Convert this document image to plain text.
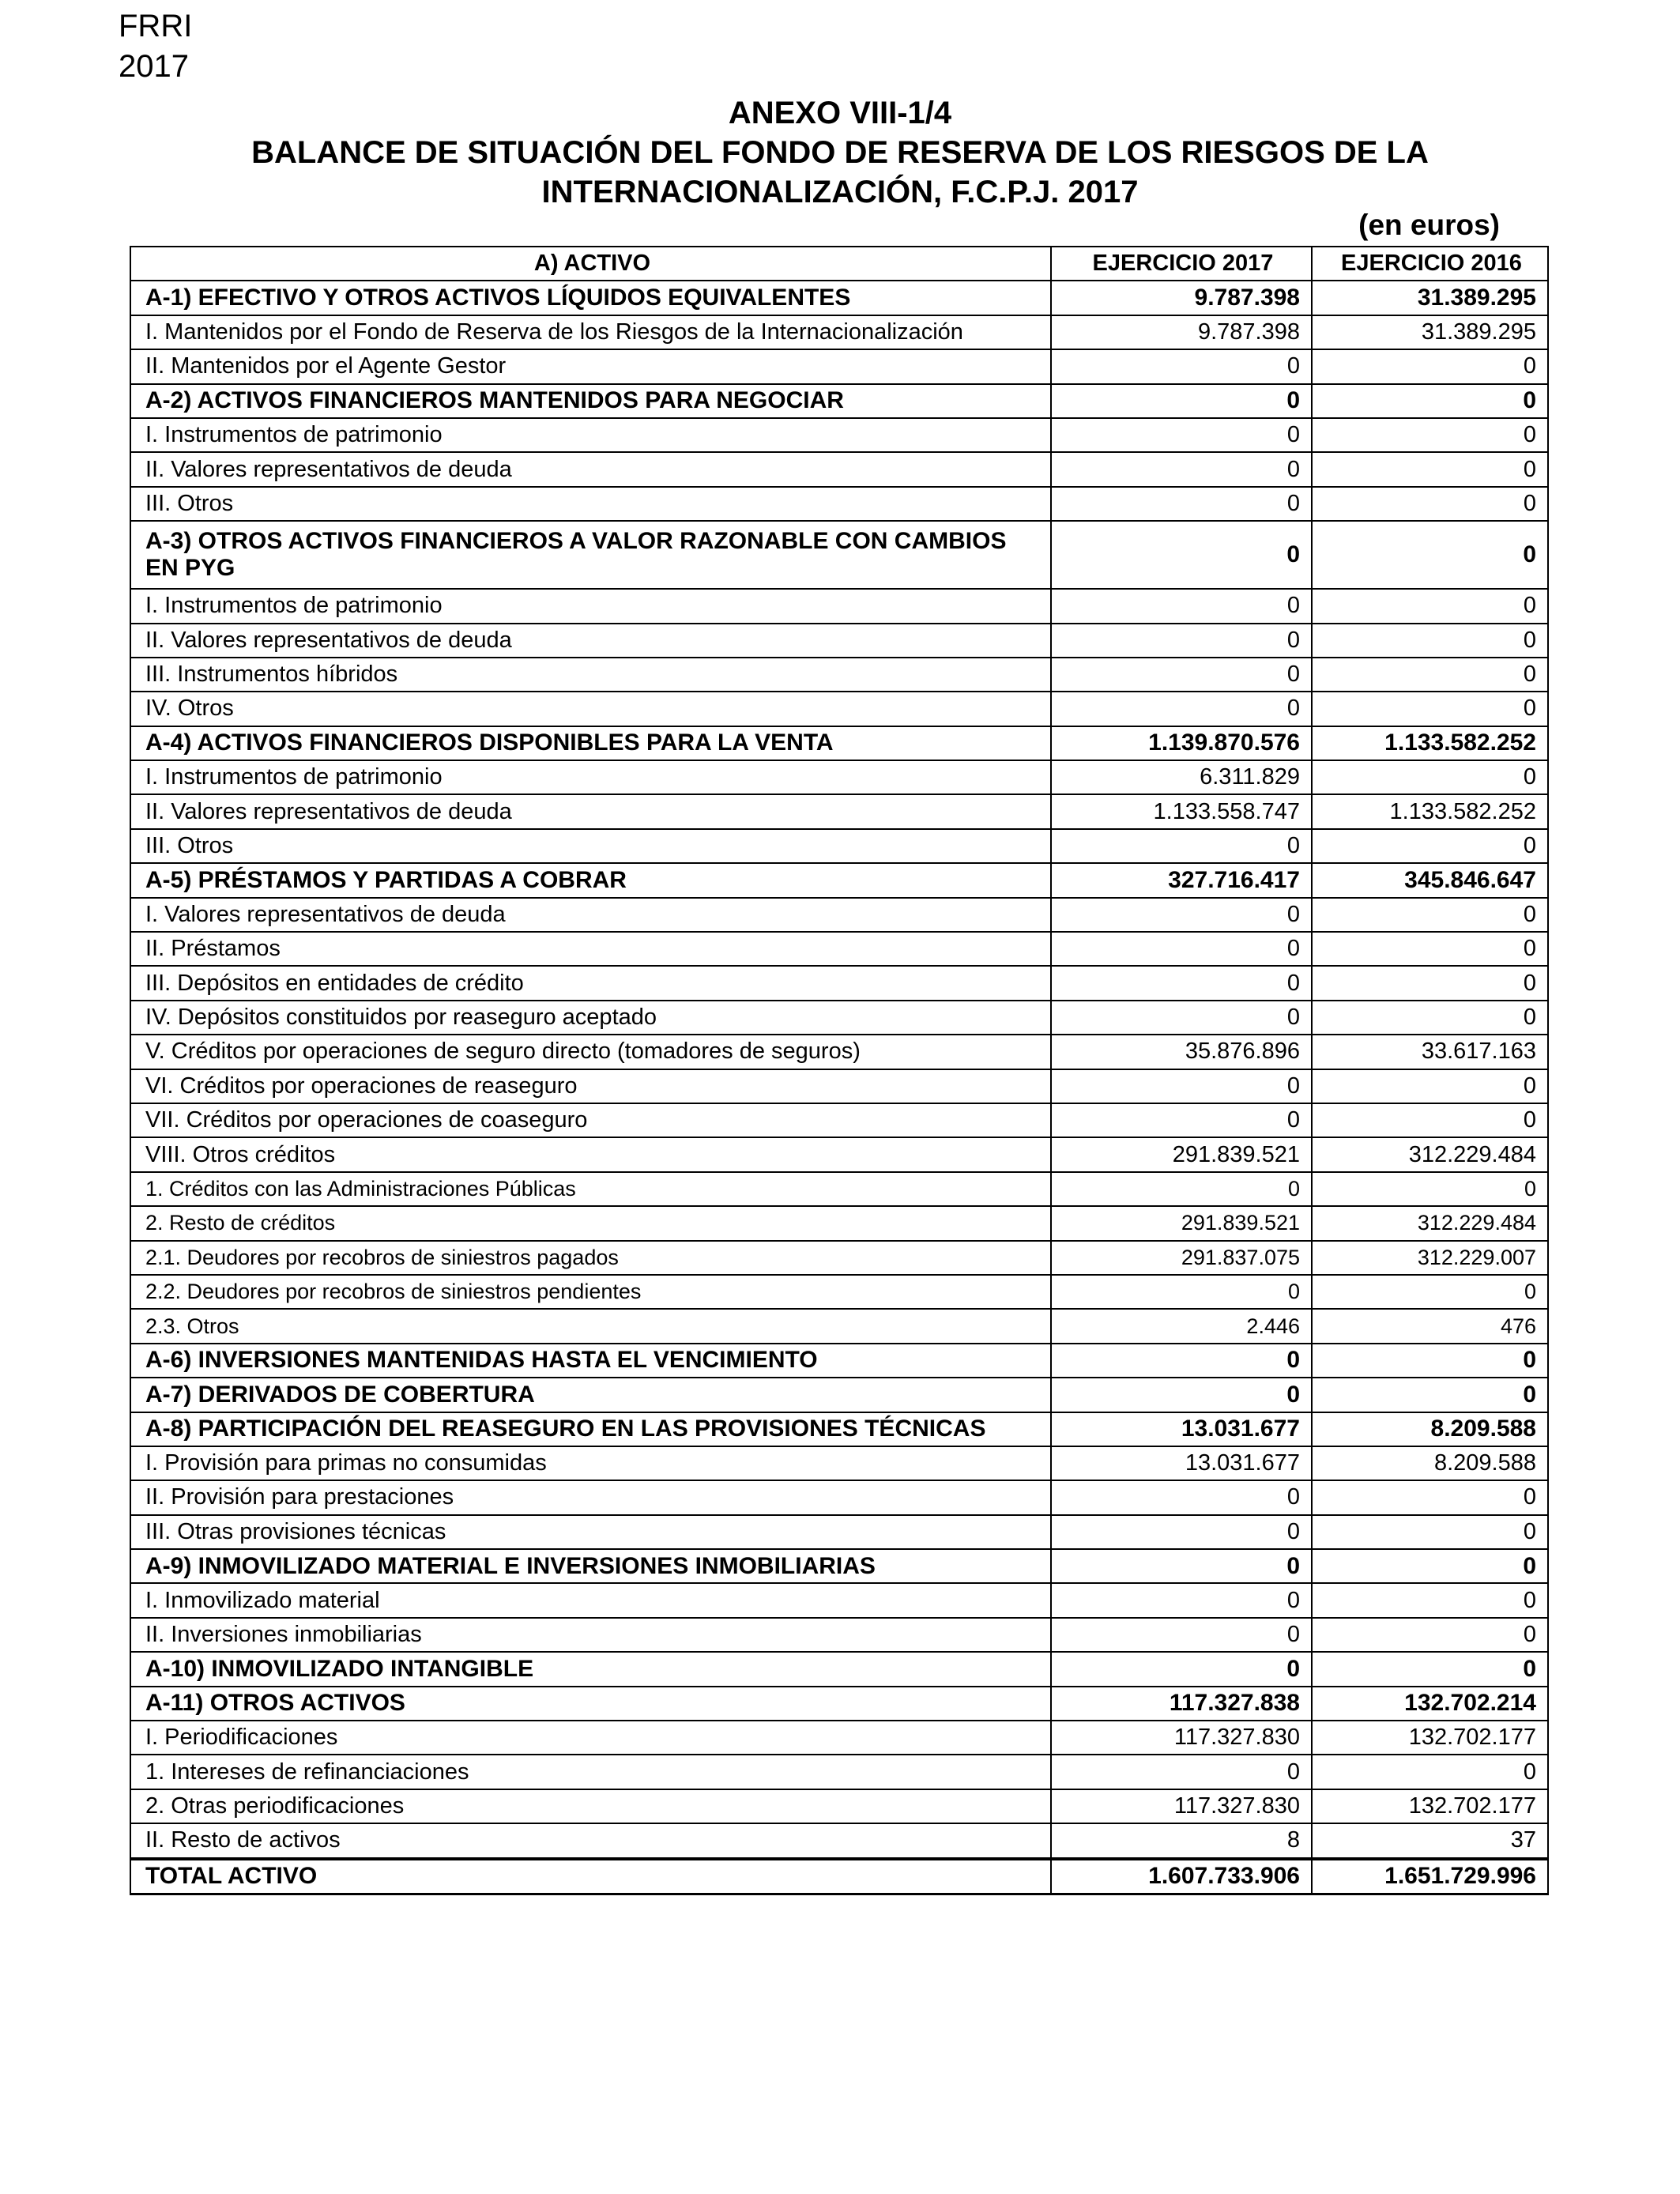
FRRI
2017
ANEXO VIII-1/4
BALANCE DE SITUACIÓN DEL FONDO DE RESERVA DE LOS RIESGOS DE LA
INTERNACIONALIZACIÓN, F.C.P.J. 2017
(en euros)
A) ACTIVO	EJERCICIO 2017	EJERCICIO 2016
A-1) EFECTIVO Y OTROS ACTIVOS LÍQUIDOS EQUIVALENTES	9.787.398	31.389.295
I. Mantenidos por el Fondo de Reserva de los Riesgos de la Internacionalización	9.787.398	31.389.295
II. Mantenidos por el Agente Gestor	0	0
A-2) ACTIVOS FINANCIEROS MANTENIDOS PARA NEGOCIAR	0	0
I. Instrumentos de patrimonio	0	0
II. Valores representativos de deuda	0	0
III. Otros	0	0
A-3) OTROS ACTIVOS FINANCIEROS A VALOR RAZONABLE CON CAMBIOS EN PYG	0	0
I. Instrumentos de patrimonio	0	0
II. Valores representativos de deuda	0	0
III. Instrumentos híbridos	0	0
IV. Otros	0	0
A-4) ACTIVOS FINANCIEROS DISPONIBLES PARA LA VENTA	1.139.870.576	1.133.582.252
I. Instrumentos de patrimonio	6.311.829	0
II. Valores representativos de deuda	1.133.558.747	1.133.582.252
III. Otros	0	0
A-5) PRÉSTAMOS Y PARTIDAS A COBRAR	327.716.417	345.846.647
I. Valores representativos de deuda	0	0
II. Préstamos	0	0
III. Depósitos en entidades de crédito	0	0
IV. Depósitos constituidos por reaseguro aceptado	0	0
V. Créditos por operaciones de seguro directo (tomadores de seguros)	35.876.896	33.617.163
VI. Créditos por operaciones de reaseguro	0	0
VII. Créditos por operaciones de coaseguro	0	0
VIII. Otros créditos	291.839.521	312.229.484
1. Créditos con las Administraciones Públicas	0	0
2. Resto de créditos	291.839.521	312.229.484
2.1. Deudores por recobros de siniestros pagados	291.837.075	312.229.007
2.2. Deudores por recobros de siniestros pendientes	0	0
2.3. Otros	2.446	476
A-6) INVERSIONES MANTENIDAS HASTA EL VENCIMIENTO	0	0
A-7) DERIVADOS DE COBERTURA	0	0
A-8) PARTICIPACIÓN DEL REASEGURO EN LAS PROVISIONES TÉCNICAS	13.031.677	8.209.588
I. Provisión para primas no consumidas	13.031.677	8.209.588
II. Provisión para prestaciones	0	0
III. Otras provisiones técnicas	0	0
A-9) INMOVILIZADO MATERIAL E INVERSIONES INMOBILIARIAS	0	0
I. Inmovilizado material	0	0
II. Inversiones inmobiliarias	0	0
A-10) INMOVILIZADO INTANGIBLE	0	0
A-11) OTROS ACTIVOS	117.327.838	132.702.214
I. Periodificaciones	117.327.830	132.702.177
1. Intereses de refinanciaciones	0	0
2. Otras periodificaciones	117.327.830	132.702.177
II. Resto de activos	8	37
TOTAL ACTIVO	1.607.733.906	1.651.729.996
